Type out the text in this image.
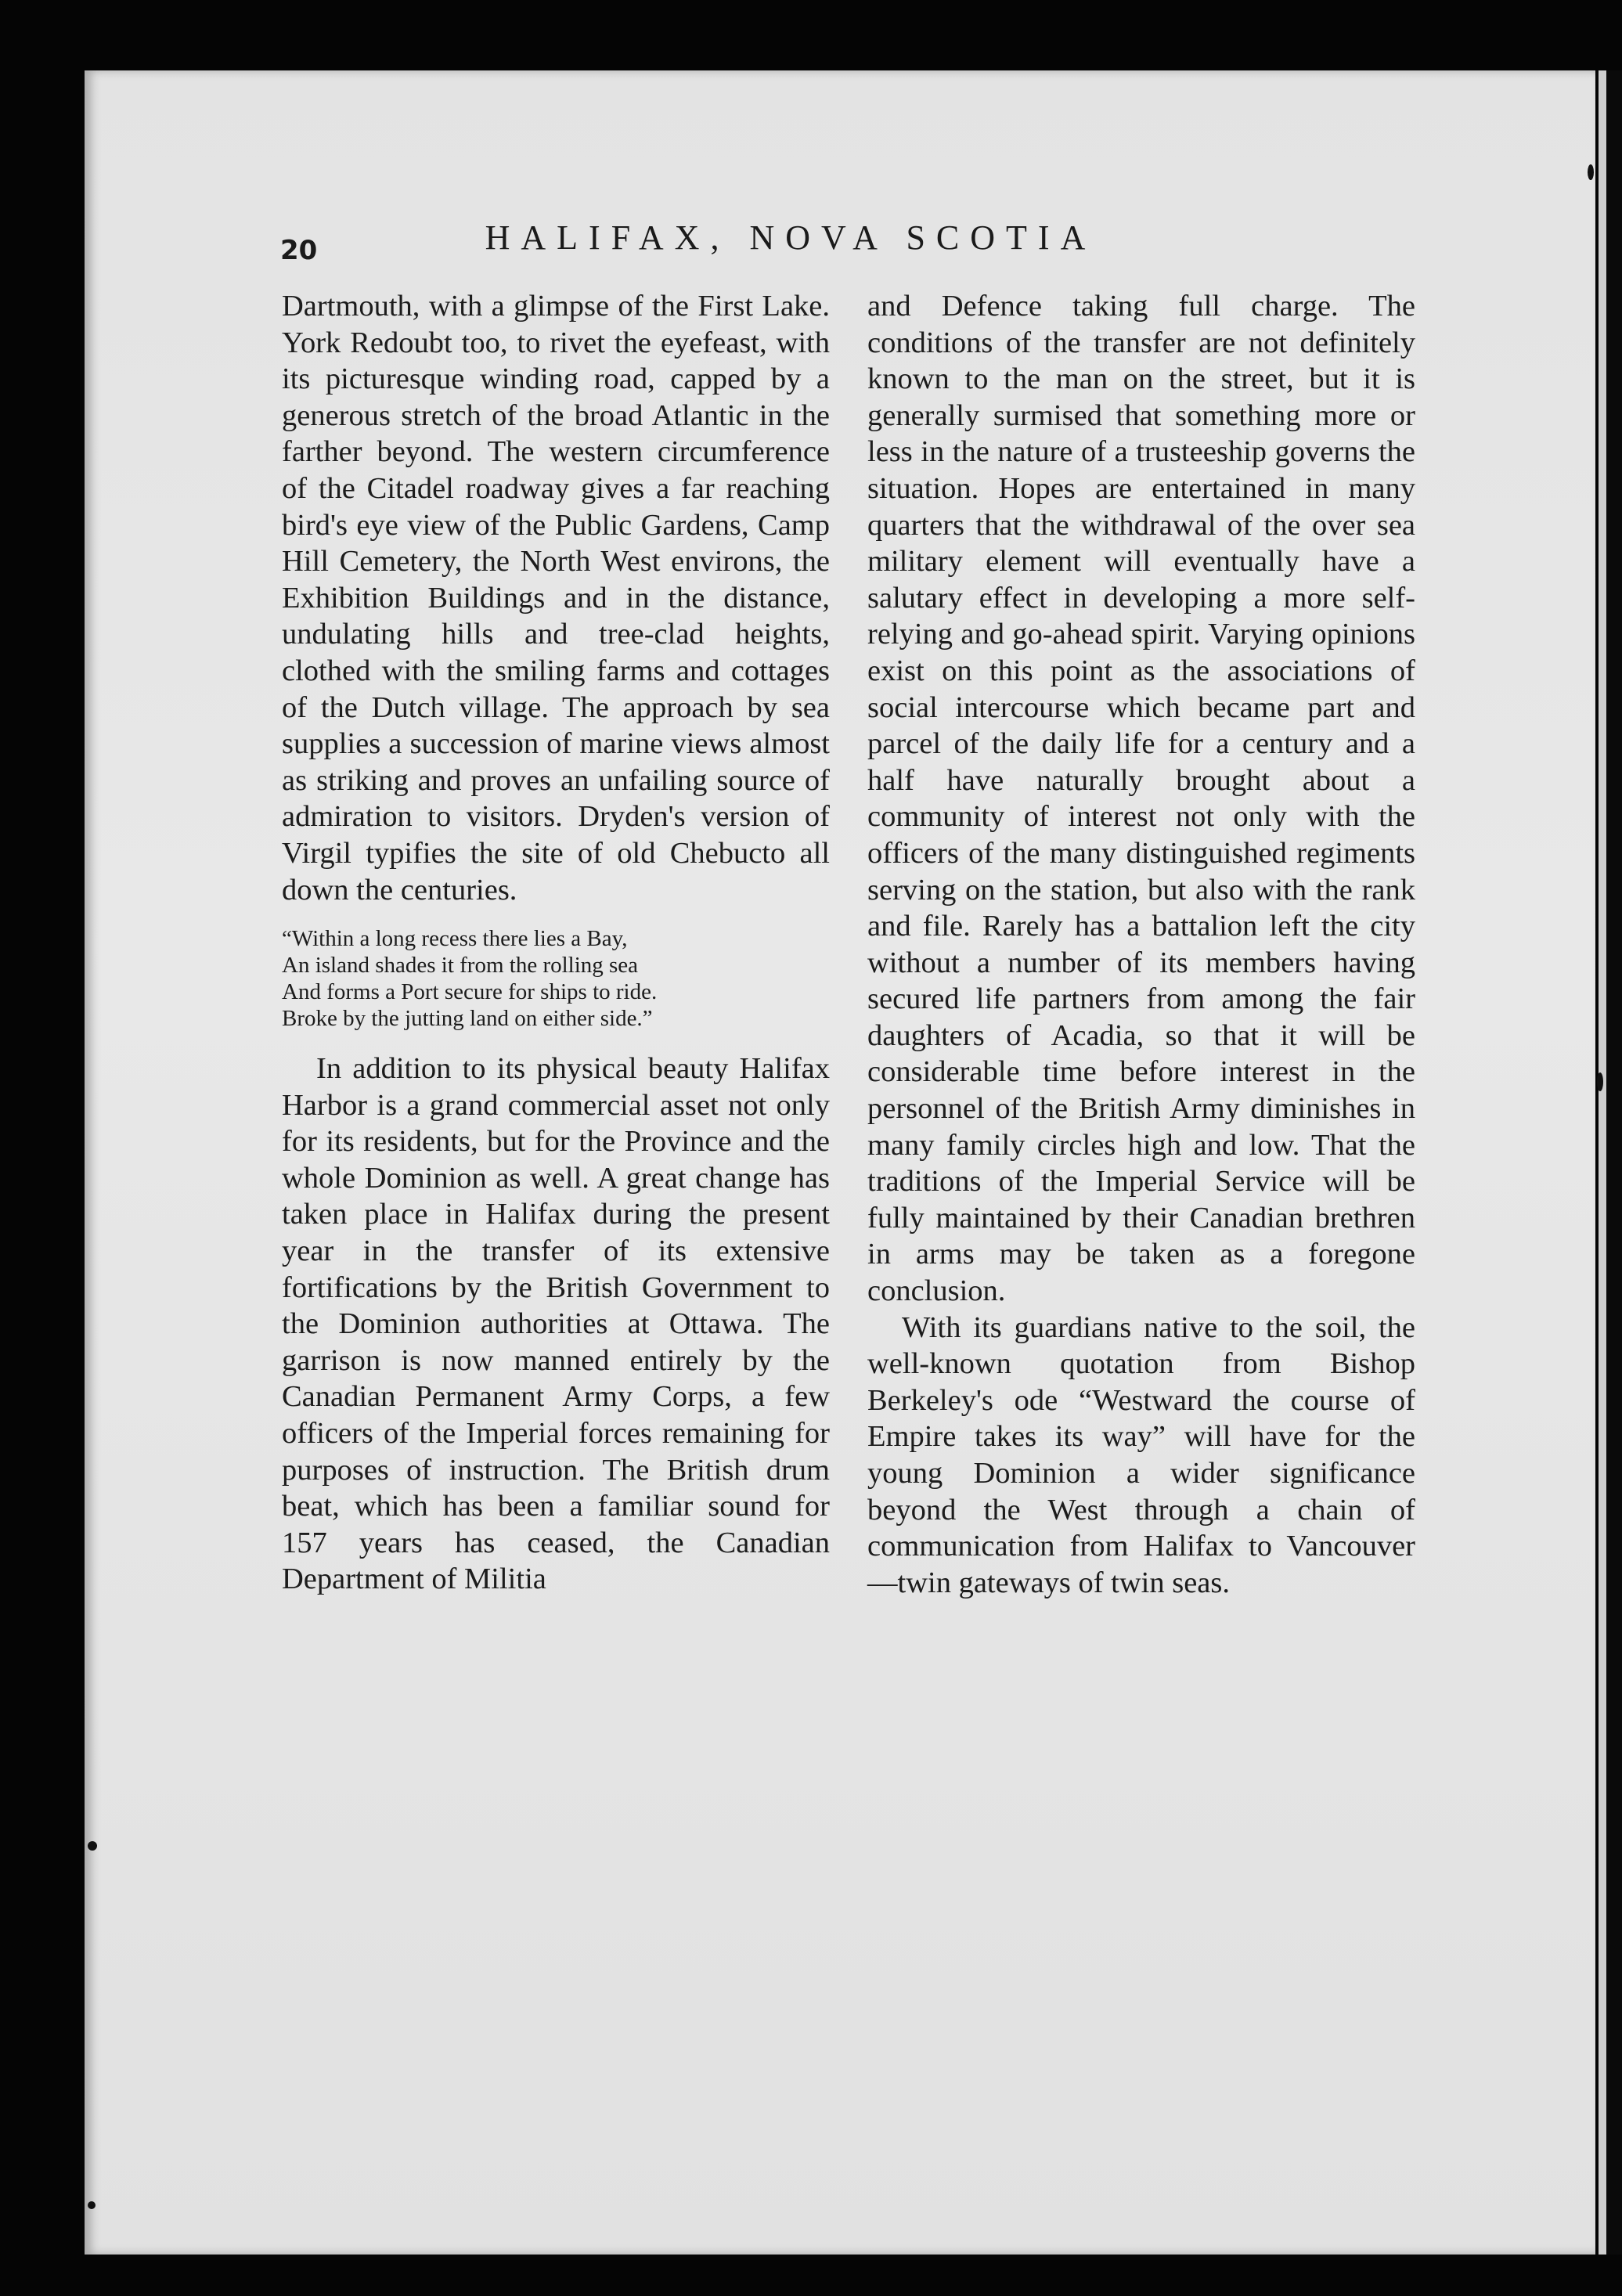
20	HALIFAX, NOVA SCOTIA

Dartmouth, with a glimpse of the First Lake. York Redoubt too, to rivet the eyefeast, with its picturesque winding road, capped by a generous stretch of the broad Atlantic in the farther beyond. The western circumference of the Citadel roadway gives a far reaching bird's eye view of the Public Gardens, Camp Hill Cemetery, the North West environs, the Exhibition Buildings and in the distance, undulating hills and tree-clad heights, clothed with the smiling farms and cottages of the Dutch village. The approach by sea supplies a succession of marine views almost as striking and proves an unfailing source of admiration to visitors. Dryden's version of Virgil typifies the site of old Chebucto all down the centuries.

“Within a long recess there lies a Bay,
An island shades it from the rolling sea
And forms a Port secure for ships to ride.
Broke by the jutting land on either side.”

In addition to its physical beauty Halifax Harbor is a grand commercial asset not only for its residents, but for the Province and the whole Dominion as well. A great change has taken place in Halifax during the present year in the transfer of its extensive fortifications by the British Government to the Dominion authorities at Ottawa. The garrison is now manned entirely by the Canadian Permanent Army Corps, a few officers of the Imperial forces remaining for purposes of instruction. The British drum beat, which has been a familiar sound for 157 years has ceased, the Canadian Department of Militia

and Defence taking full charge. The conditions of the transfer are not definitely known to the man on the street, but it is generally surmised that something more or less in the nature of a trusteeship governs the situation. Hopes are entertained in many quarters that the withdrawal of the over sea military element will eventually have a salutary effect in developing a more self-relying and go-ahead spirit. Varying opinions exist on this point as the associations of social intercourse which became part and parcel of the daily life for a century and a half have naturally brought about a community of interest not only with the officers of the many distinguished regiments serving on the station, but also with the rank and file. Rarely has a battalion left the city without a number of its members having secured life partners from among the fair daughters of Acadia, so that it will be considerable time before interest in the personnel of the British Army diminishes in many family circles high and low. That the traditions of the Imperial Service will be fully maintained by their Canadian brethren in arms may be taken as a foregone conclusion.

With its guardians native to the soil, the well-known quotation from Bishop Berkeley's ode “Westward the course of Empire takes its way” will have for the young Dominion a wider significance beyond the West through a chain of communication from Halifax to Vancouver—twin gateways of twin seas.
